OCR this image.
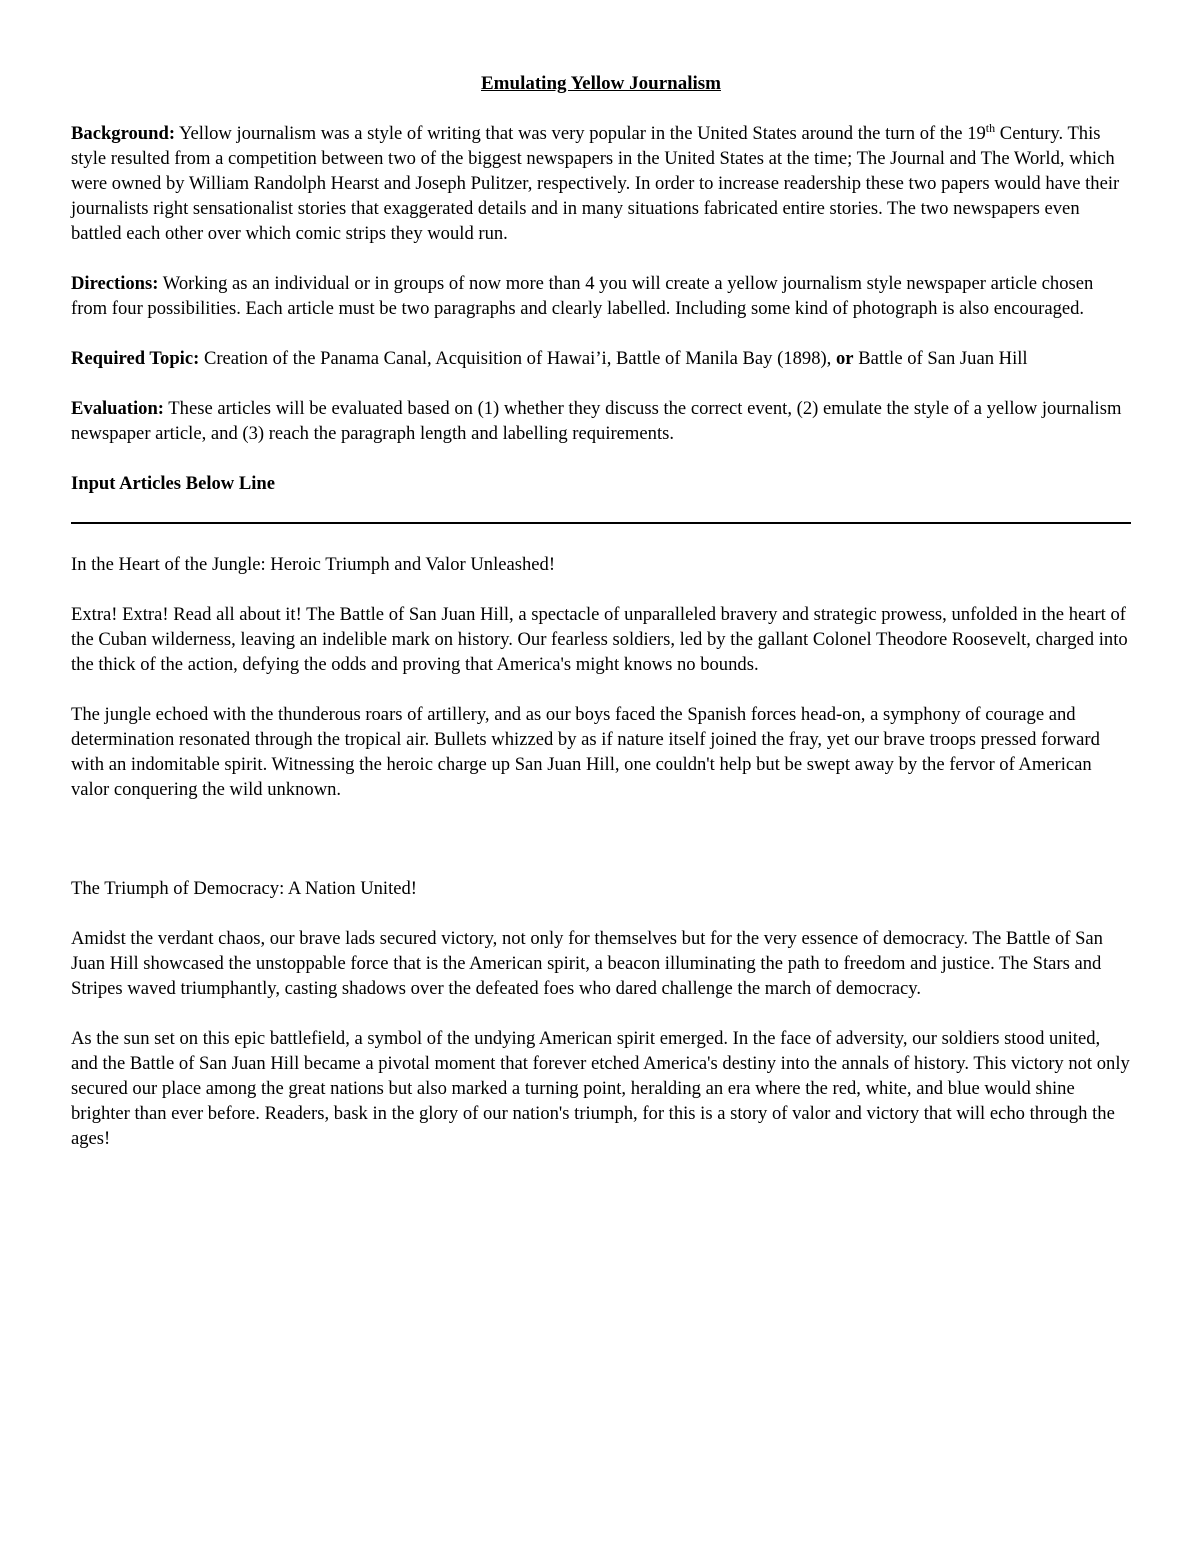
Emulating Yellow Journalism

Background: Yellow journalism was a style of writing that was very popular in the United States around the turn of the 19th Century. This style resulted from a competition between two of the biggest newspapers in the United States at the time; The Journal and The World, which were owned by William Randolph Hearst and Joseph Pulitzer, respectively. In order to increase readership these two papers would have their journalists right sensationalist stories that exaggerated details and in many situations fabricated entire stories. The two newspapers even battled each other over which comic strips they would run.

Directions: Working as an individual or in groups of now more than 4 you will create a yellow journalism style newspaper article chosen from four possibilities. Each article must be two paragraphs and clearly labelled. Including some kind of photograph is also encouraged.

Required Topic: Creation of the Panama Canal, Acquisition of Hawai’i, Battle of Manila Bay (1898), or Battle of San Juan Hill

Evaluation: These articles will be evaluated based on (1) whether they discuss the correct event, (2) emulate the style of a yellow journalism newspaper article, and (3) reach the paragraph length and labelling requirements.

Input Articles Below Line

In the Heart of the Jungle: Heroic Triumph and Valor Unleashed!

Extra! Extra! Read all about it! The Battle of San Juan Hill, a spectacle of unparalleled bravery and strategic prowess, unfolded in the heart of the Cuban wilderness, leaving an indelible mark on history. Our fearless soldiers, led by the gallant Colonel Theodore Roosevelt, charged into the thick of the action, defying the odds and proving that America's might knows no bounds.

The jungle echoed with the thunderous roars of artillery, and as our boys faced the Spanish forces head-on, a symphony of courage and determination resonated through the tropical air. Bullets whizzed by as if nature itself joined the fray, yet our brave troops pressed forward with an indomitable spirit. Witnessing the heroic charge up San Juan Hill, one couldn't help but be swept away by the fervor of American valor conquering the wild unknown.

The Triumph of Democracy: A Nation United!

Amidst the verdant chaos, our brave lads secured victory, not only for themselves but for the very essence of democracy. The Battle of San Juan Hill showcased the unstoppable force that is the American spirit, a beacon illuminating the path to freedom and justice. The Stars and Stripes waved triumphantly, casting shadows over the defeated foes who dared challenge the march of democracy.

As the sun set on this epic battlefield, a symbol of the undying American spirit emerged. In the face of adversity, our soldiers stood united, and the Battle of San Juan Hill became a pivotal moment that forever etched America's destiny into the annals of history. This victory not only secured our place among the great nations but also marked a turning point, heralding an era where the red, white, and blue would shine brighter than ever before. Readers, bask in the glory of our nation's triumph, for this is a story of valor and victory that will echo through the ages!
